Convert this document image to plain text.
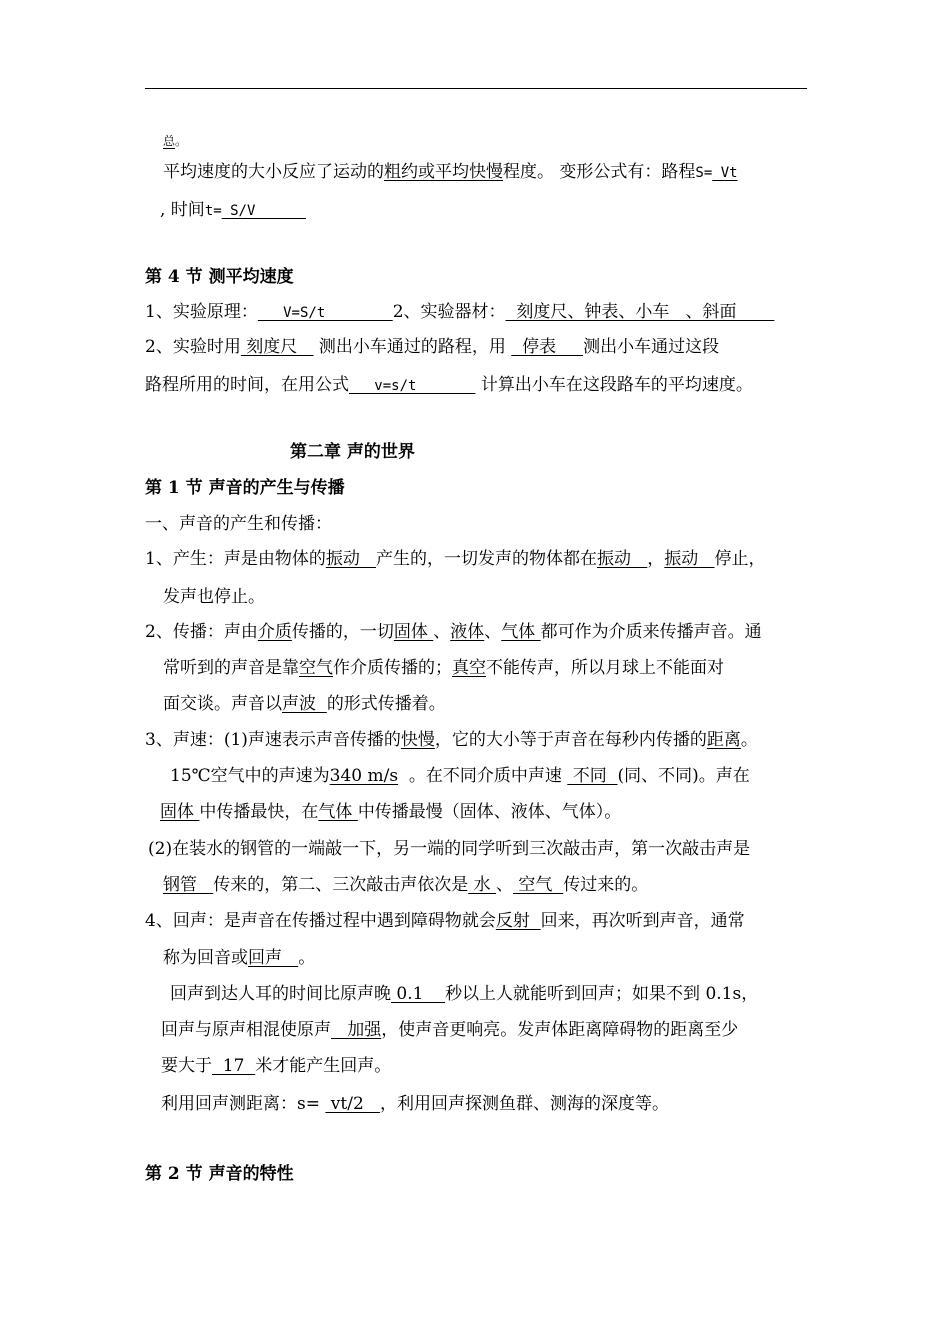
总。
平均速度的大小反应了运动的粗约或平均快慢程度。 变形公式有：路程S= Vt
, 时间t= S/V
第 4 节 测平均速度
1、实验原理：   V=S/t        2、实验器材：  刻度尺、钟表、小车   、斜面
2、实验时用 刻度尺    测出小车通过的路程，用   停表     测出小车通过这段
路程所用的时间，在用公式   v=s/t        计算出小车在这段路车的平均速度。
第二章 声的世界
第 1 节 声音的产生与传播
一、声音的产生和传播：
1、产生：声是由物体的振动   产生的，一切发声的物体都在振动   ，振动   停止，
发声也停止。
2、传播：声由介质传播的，一切固体 、液体、气体 都可作为介质来传播声音。通
常听到的声音是靠空气作介质传播的；真空不能传声，所以月球上不能面对
面交谈。声音以声波  的形式传播着。
3、声速：(1)声速表示声音传播的快慢，它的大小等于声音在每秒内传播的距离。
15℃空气中的声速为340 m/s  。在不同介质中声速  不同  (同、不同)。声在
固体 中传播最快，在气体 中传播最慢（固体、液体、气体）。
(2)在装水的钢管的一端敲一下，另一端的同学听到三次敲击声，第一次敲击声是
钢管   传来的，第二、三次敲击声依次是 水 、 空气  传过来的。
4、回声：是声音在传播过程中遇到障碍物就会反射  回来，再次听到声音，通常
称为回音或回声   。
回声到达人耳的时间比原声晚 0.1    秒以上人就能听到回声；如果不到 0.1s，
回声与原声相混使原声   加强，使声音更响亮。发声体距离障碍物的距离至少
要大于  17  米才能产生回声。
利用回声测距离：s=  vt/2   ，利用回声探测鱼群、测海的深度等。
第 2 节 声音的特性
